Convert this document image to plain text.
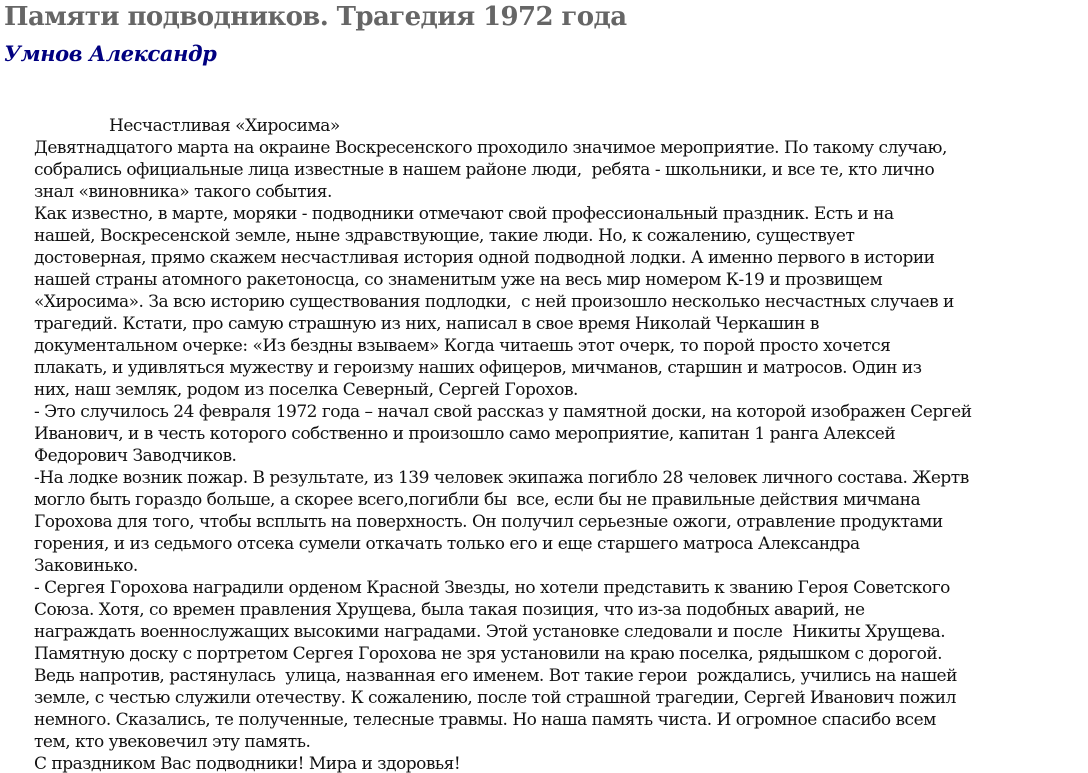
Памяти подводников. Трагедия 1972 года
Умнов Александр
Несчастливая «Хиросима»
Девятнадцатого марта на окраине Воскресенского проходило значимое мероприятие. По такому случаю,
собрались официальные лица известные в нашем районе люди,  ребята - школьники, и все те, кто лично
знал «виновника» такого события.
Как известно, в марте, моряки - подводники отмечают свой профессиональный праздник. Есть и на
нашей, Воскресенской земле, ныне здравствующие, такие люди. Но, к сожалению, существует
достоверная, прямо скажем несчастливая история одной подводной лодки. А именно первого в истории
нашей страны атомного ракетоносца, со знаменитым уже на весь мир номером К-19 и прозвищем
«Хиросима». За всю историю существования подлодки,  с ней произошло несколько несчастных случаев и
трагедий. Кстати, про самую страшную из них, написал в свое время Николай Черкашин в
документальном очерке: «Из бездны взываем» Когда читаешь этот очерк, то порой просто хочется
плакать, и удивляться мужеству и героизму наших офицеров, мичманов, старшин и матросов. Один из
них, наш земляк, родом из поселка Северный, Сергей Горохов.
- Это случилось 24 февраля 1972 года – начал свой рассказ у памятной доски, на которой изображен Сергей
Иванович, и в честь которого собственно и произошло само мероприятие, капитан 1 ранга Алексей
Федорович Заводчиков.
-На лодке возник пожар. В результате, из 139 человек экипажа погибло 28 человек личного состава. Жертв
могло быть гораздо больше, а скорее всего,погибли бы  все, если бы не правильные действия мичмана
Горохова для того, чтобы всплыть на поверхность. Он получил серьезные ожоги, отравление продуктами
горения, и из седьмого отсека сумели откачать только его и еще старшего матроса Александра
Заковинько.
- Сергея Горохова наградили орденом Красной Звезды, но хотели представить к званию Героя Советского
Союза. Хотя, со времен правления Хрущева, была такая позиция, что из-за подобных аварий, не
награждать военнослужащих высокими наградами. Этой установке следовали и после  Никиты Хрущева.
Памятную доску с портретом Сергея Горохова не зря установили на краю поселка, рядышком с дорогой.
Ведь напротив, растянулась  улица, названная его именем. Вот такие герои  рождались, учились на нашей
земле, с честью служили отечеству. К сожалению, после той страшной трагедии, Сергей Иванович пожил
немного. Сказались, те полученные, телесные травмы. Но наша память чиста. И огромное спасибо всем
тем, кто увековечил эту память.
С праздником Вас подводники! Мира и здоровья!
